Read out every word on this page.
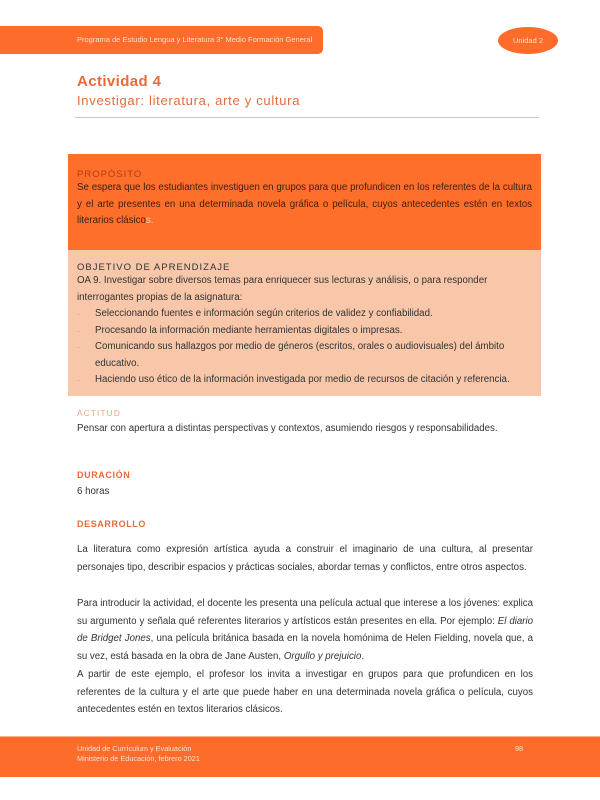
Programa de Estudio Lengua y Literatura 3° Medio Formación General	Unidad 2
Actividad 4
Investigar: literatura, arte y cultura
PROPÓSITO
Se espera que los estudiantes investiguen en grupos para que profundicen en los referentes de la cultura y el arte presentes en una determinada novela gráfica o película, cuyos antecedentes estén en textos literarios clásicos.
OBJETIVO DE APRENDIZAJE
OA 9. Investigar sobre diversos temas para enriquecer sus lecturas y análisis, o para responder interrogantes propias de la asignatura:
· Seleccionando fuentes e información según criterios de validez y confiabilidad.
· Procesando la información mediante herramientas digitales o impresas.
· Comunicando sus hallazgos por medio de géneros (escritos, orales o audiovisuales) del ámbito educativo.
· Haciendo uso ético de la información investigada por medio de recursos de citación y referencia.
ACTITUD
Pensar con apertura a distintas perspectivas y contextos, asumiendo riesgos y responsabilidades.
DURACIÓN
6 horas
DESARROLLO

La literatura como expresión artística ayuda a construir el imaginario de una cultura, al presentar personajes tipo, describir espacios y prácticas sociales, abordar temas y conflictos, entre otros aspectos.

Para introducir la actividad, el docente les presenta una película actual que interese a los jóvenes: explica su argumento y señala qué referentes literarios y artísticos están presentes en ella. Por ejemplo: El diario de Bridget Jones, una película británica basada en la novela homónima de Helen Fielding, novela que, a su vez, está basada en la obra de Jane Austen, Orgullo y prejuicio.

A partir de este ejemplo, el profesor los invita a investigar en grupos para que profundicen en los referentes de la cultura y el arte que puede haber en una determinada novela gráfica o película, cuyos antecedentes estén en textos literarios clásicos.

Unidad de Currículum y Evaluación
Ministerio de Educación, febrero 2021
98
